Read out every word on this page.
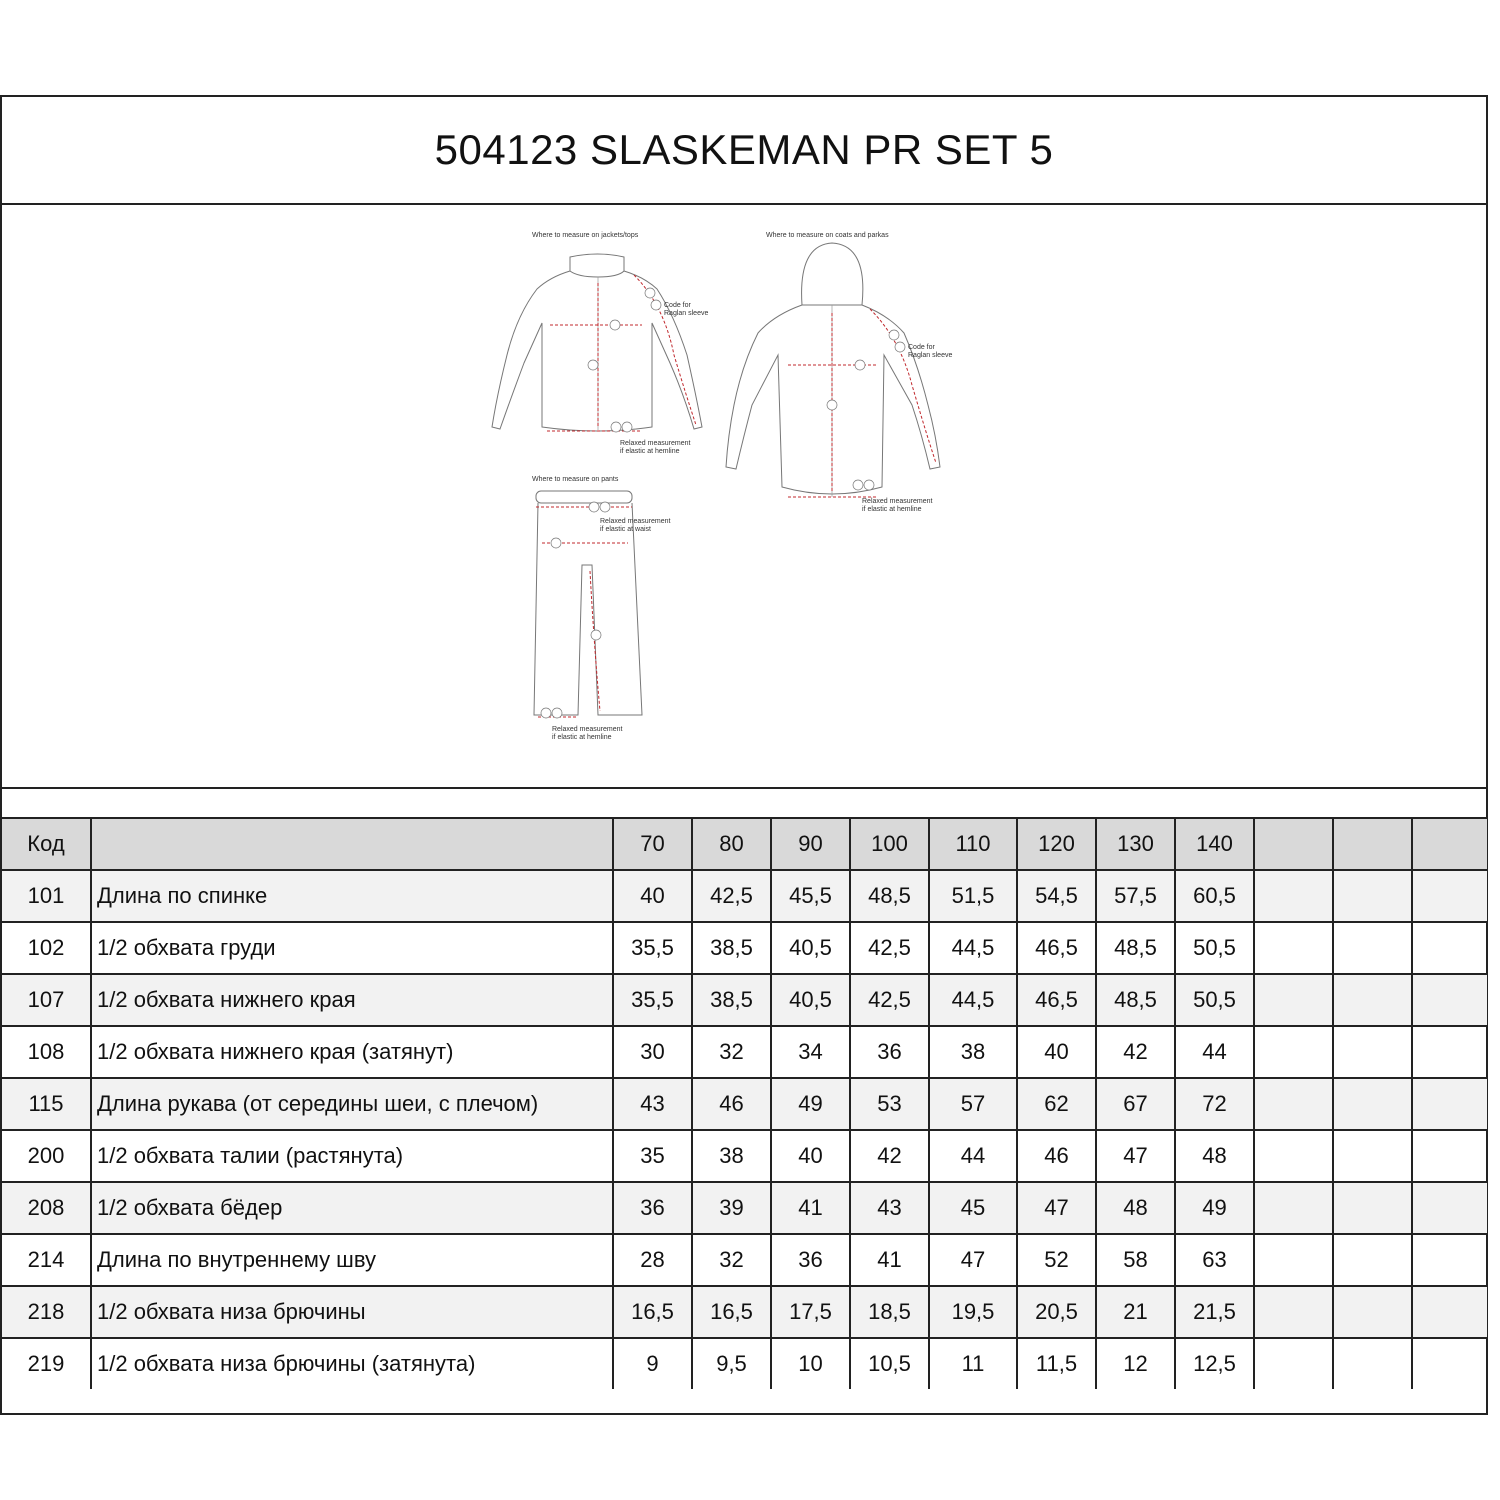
504123 SLASKEMAN PR SET 5
Where to measure on jackets/tops
Code for
Raglan sleeve
Relaxed measurement
if elastic at hemline
Where to measure on coats and parkas
Code for
Raglan sleeve
Relaxed measurement
if elastic at hemline
Where to measure on pants
Relaxed measurement
if elastic at waist
Relaxed measurement
if elastic at hemline
Код		70	80	90	100	110	120	130	140			
101	Длина по спинке	40	42,5	45,5	48,5	51,5	54,5	57,5	60,5			
102	1/2 обхвата груди	35,5	38,5	40,5	42,5	44,5	46,5	48,5	50,5			
107	1/2 обхвата нижнего края	35,5	38,5	40,5	42,5	44,5	46,5	48,5	50,5			
108	1/2 обхвата нижнего края (затянут)	30	32	34	36	38	40	42	44			
115	Длина рукава (от середины шеи, с плечом)	43	46	49	53	57	62	67	72			
200	1/2 обхвата талии (растянута)	35	38	40	42	44	46	47	48			
208	1/2 обхвата бёдер	36	39	41	43	45	47	48	49			
214	Длина по внутреннему шву	28	32	36	41	47	52	58	63			
218	1/2 обхвата низа брючины	16,5	16,5	17,5	18,5	19,5	20,5	21	21,5			
219	1/2 обхвата низа брючины (затянута)	9	9,5	10	10,5	11	11,5	12	12,5			
